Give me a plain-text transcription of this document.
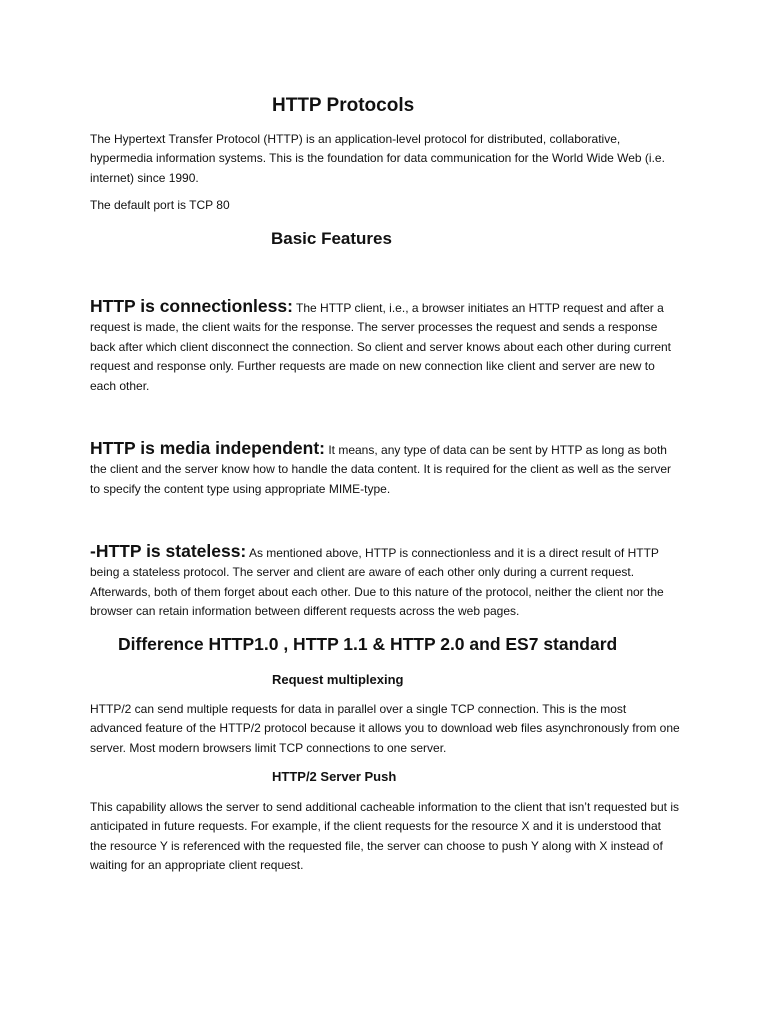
HTTP Protocols

The Hypertext Transfer Protocol (HTTP) is an application-level protocol for distributed, collaborative, hypermedia information systems. This is the foundation for data communication for the World Wide Web (i.e. internet) since 1990.

The default port is TCP 80

Basic Features

HTTP is connectionless: The HTTP client, i.e., a browser initiates an HTTP request and after a request is made, the client waits for the response. The server processes the request and sends a response back after which client disconnect the connection. So client and server knows about each other during current request and response only. Further requests are made on new connection like client and server are new to each other.

HTTP is media independent: It means, any type of data can be sent by HTTP as long as both the client and the server know how to handle the data content. It is required for the client as well as the server to specify the content type using appropriate MIME-type.

-HTTP is stateless: As mentioned above, HTTP is connectionless and it is a direct result of HTTP being a stateless protocol. The server and client are aware of each other only during a current request. Afterwards, both of them forget about each other. Due to this nature of the protocol, neither the client nor the browser can retain information between different requests across the web pages.

Difference HTTP1.0 , HTTP 1.1 & HTTP 2.0 and ES7 standard
Request multiplexing

HTTP/2 can send multiple requests for data in parallel over a single TCP connection. This is the most advanced feature of the HTTP/2 protocol because it allows you to download web files asynchronously from one server. Most modern browsers limit TCP connections to one server.

HTTP/2 Server Push

This capability allows the server to send additional cacheable information to the client that isn’t requested but is anticipated in future requests. For example, if the client requests for the resource X and it is understood that the resource Y is referenced with the requested file, the server can choose to push Y along with X instead of waiting for an appropriate client request.
